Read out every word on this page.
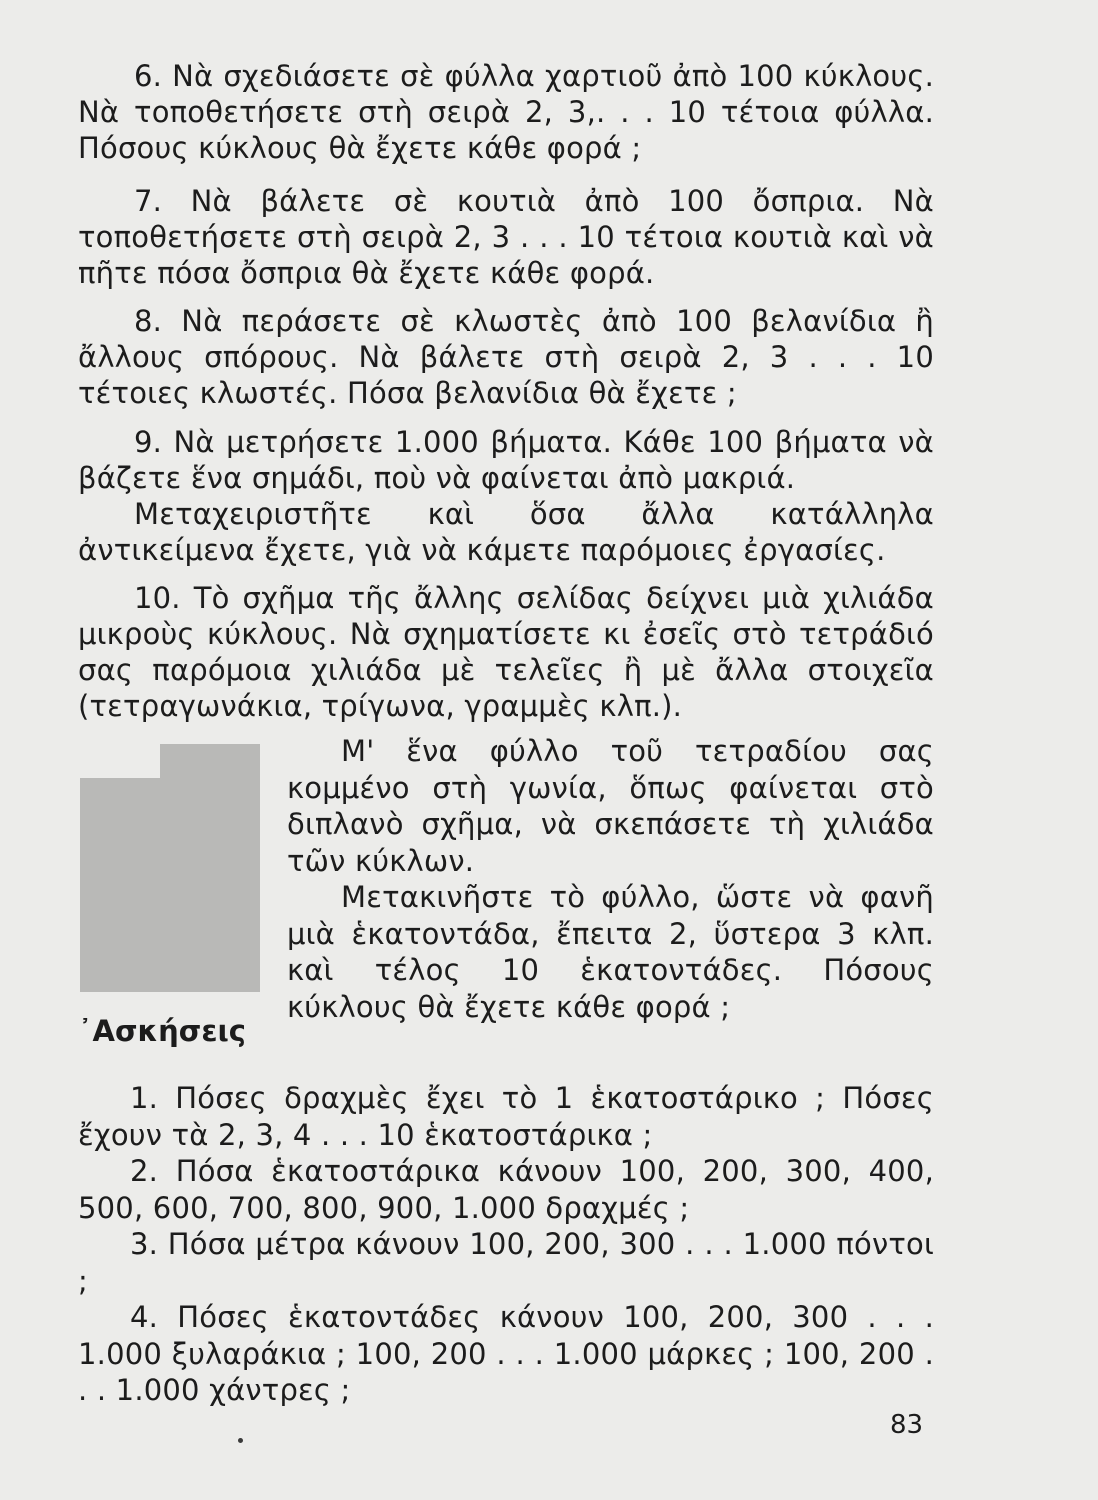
6. Νὰ σχεδιάσετε σὲ φύλλα χαρτιοῦ ἀπὸ 100 κύκλους. Νὰ τοποθετήσετε στὴ σειρὰ 2, 3,. . . 10 τέτοια φύλλα. Πόσους κύκλους θὰ ἔχετε κάθε φορά ;

7. Νὰ βάλετε σὲ κουτιὰ ἀπὸ 100 ὄσπρια. Νὰ τοποθετήσετε στὴ σειρὰ 2, 3 . . . 10 τέτοια κουτιὰ καὶ νὰ πῆτε πόσα ὄσπρια θὰ ἔχετε κάθε φορά.

8. Νὰ περάσετε σὲ κλωστὲς ἀπὸ 100 βελανίδια ἢ ἄλλους σπόρους. Νὰ βάλετε στὴ σειρὰ 2, 3 . . . 10 τέτοιες κλωστές. Πόσα βελανίδια θὰ ἔχετε ;

9. Νὰ μετρήσετε 1.000 βήματα. Κάθε 100 βήματα νὰ βάζετε ἕνα σημάδι, ποὺ νὰ φαίνεται ἀπὸ μακριά.

Μεταχειριστῆτε καὶ ὅσα ἄλλα κατάλληλα ἀντικείμενα ἔχετε, γιὰ νὰ κάμετε παρόμοιες ἐργασίες.

10. Τὸ σχῆμα τῆς ἄλλης σελίδας δείχνει μιὰ χιλιάδα μικροὺς κύκλους. Νὰ σχηματίσετε κι ἐσεῖς στὸ τετράδιό σας παρόμοια χιλιάδα μὲ τελεῖες ἢ μὲ ἄλλα στοιχεῖα (τετραγωνάκια, τρίγωνα, γραμμὲς κλπ.).

Μ' ἕνα φύλλο τοῦ τετραδίου σας κομμένο στὴ γωνία, ὅπως φαίνεται στὸ διπλανὸ σχῆμα, νὰ σκεπάσετε τὴ χιλιάδα τῶν κύκλων.

Μετακινῆστε τὸ φύλλο, ὥστε νὰ φανῆ μιὰ ἑκατοντάδα, ἔπειτα 2, ὕστερα 3 κλπ. καὶ τέλος 10 ἑκατοντάδες. Πόσους κύκλους θὰ ἔχετε κάθε φορά ;

᾿Ασκήσεις

1. Πόσες δραχμὲς ἔχει τὸ 1 ἑκατοστάρικο ; Πόσες ἔχουν τὰ 2, 3, 4 . . . 10 ἑκατοστάρικα ;

2. Πόσα ἑκατοστάρικα κάνουν 100, 200, 300, 400, 500, 600, 700, 800, 900, 1.000 δραχμές ;

3. Πόσα μέτρα κάνουν 100, 200, 300 . . . 1.000 πόντοι ;

4. Πόσες ἑκατοντάδες κάνουν 100, 200, 300 . . . 1.000 ξυλαράκια ; 100, 200 . . . 1.000 μάρκες ; 100, 200 . . . 1.000 χάντρες ;

83
